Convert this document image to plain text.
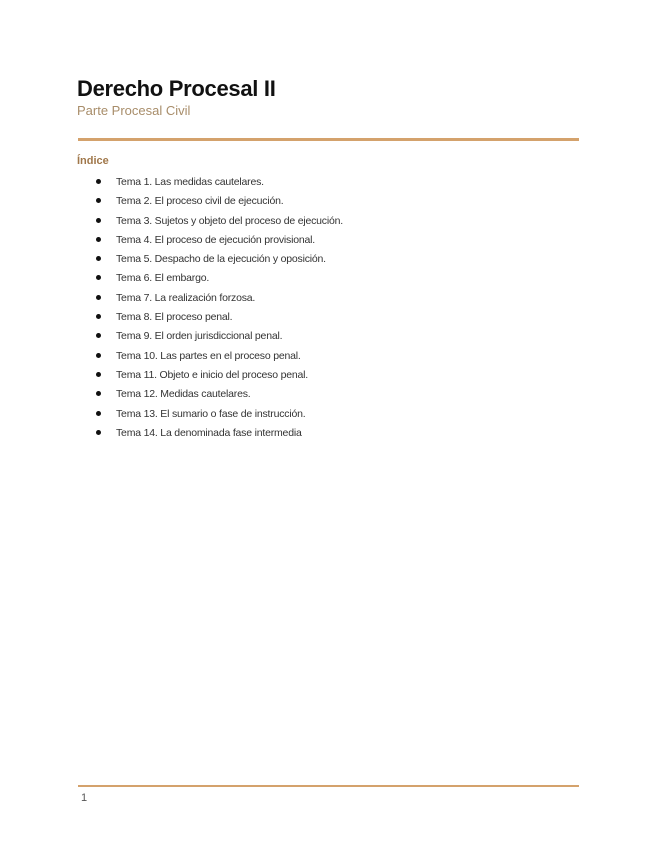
Derecho Procesal II
Parte Procesal Civil
Índice
Tema 1. Las medidas cautelares.
Tema 2. El proceso civil de ejecución.
Tema 3. Sujetos y objeto del proceso de ejecución.
Tema 4. El proceso de ejecución provisional.
Tema 5. Despacho de la ejecución y oposición.
Tema 6. El embargo.
Tema 7. La realización forzosa.
Tema 8. El proceso penal.
Tema 9. El orden jurisdiccional penal.
Tema 10. Las partes en el proceso penal.
Tema 11. Objeto e inicio del proceso penal.
Tema 12. Medidas cautelares.
Tema 13. El sumario o fase de instrucción.
Tema 14. La denominada fase intermedia
1
